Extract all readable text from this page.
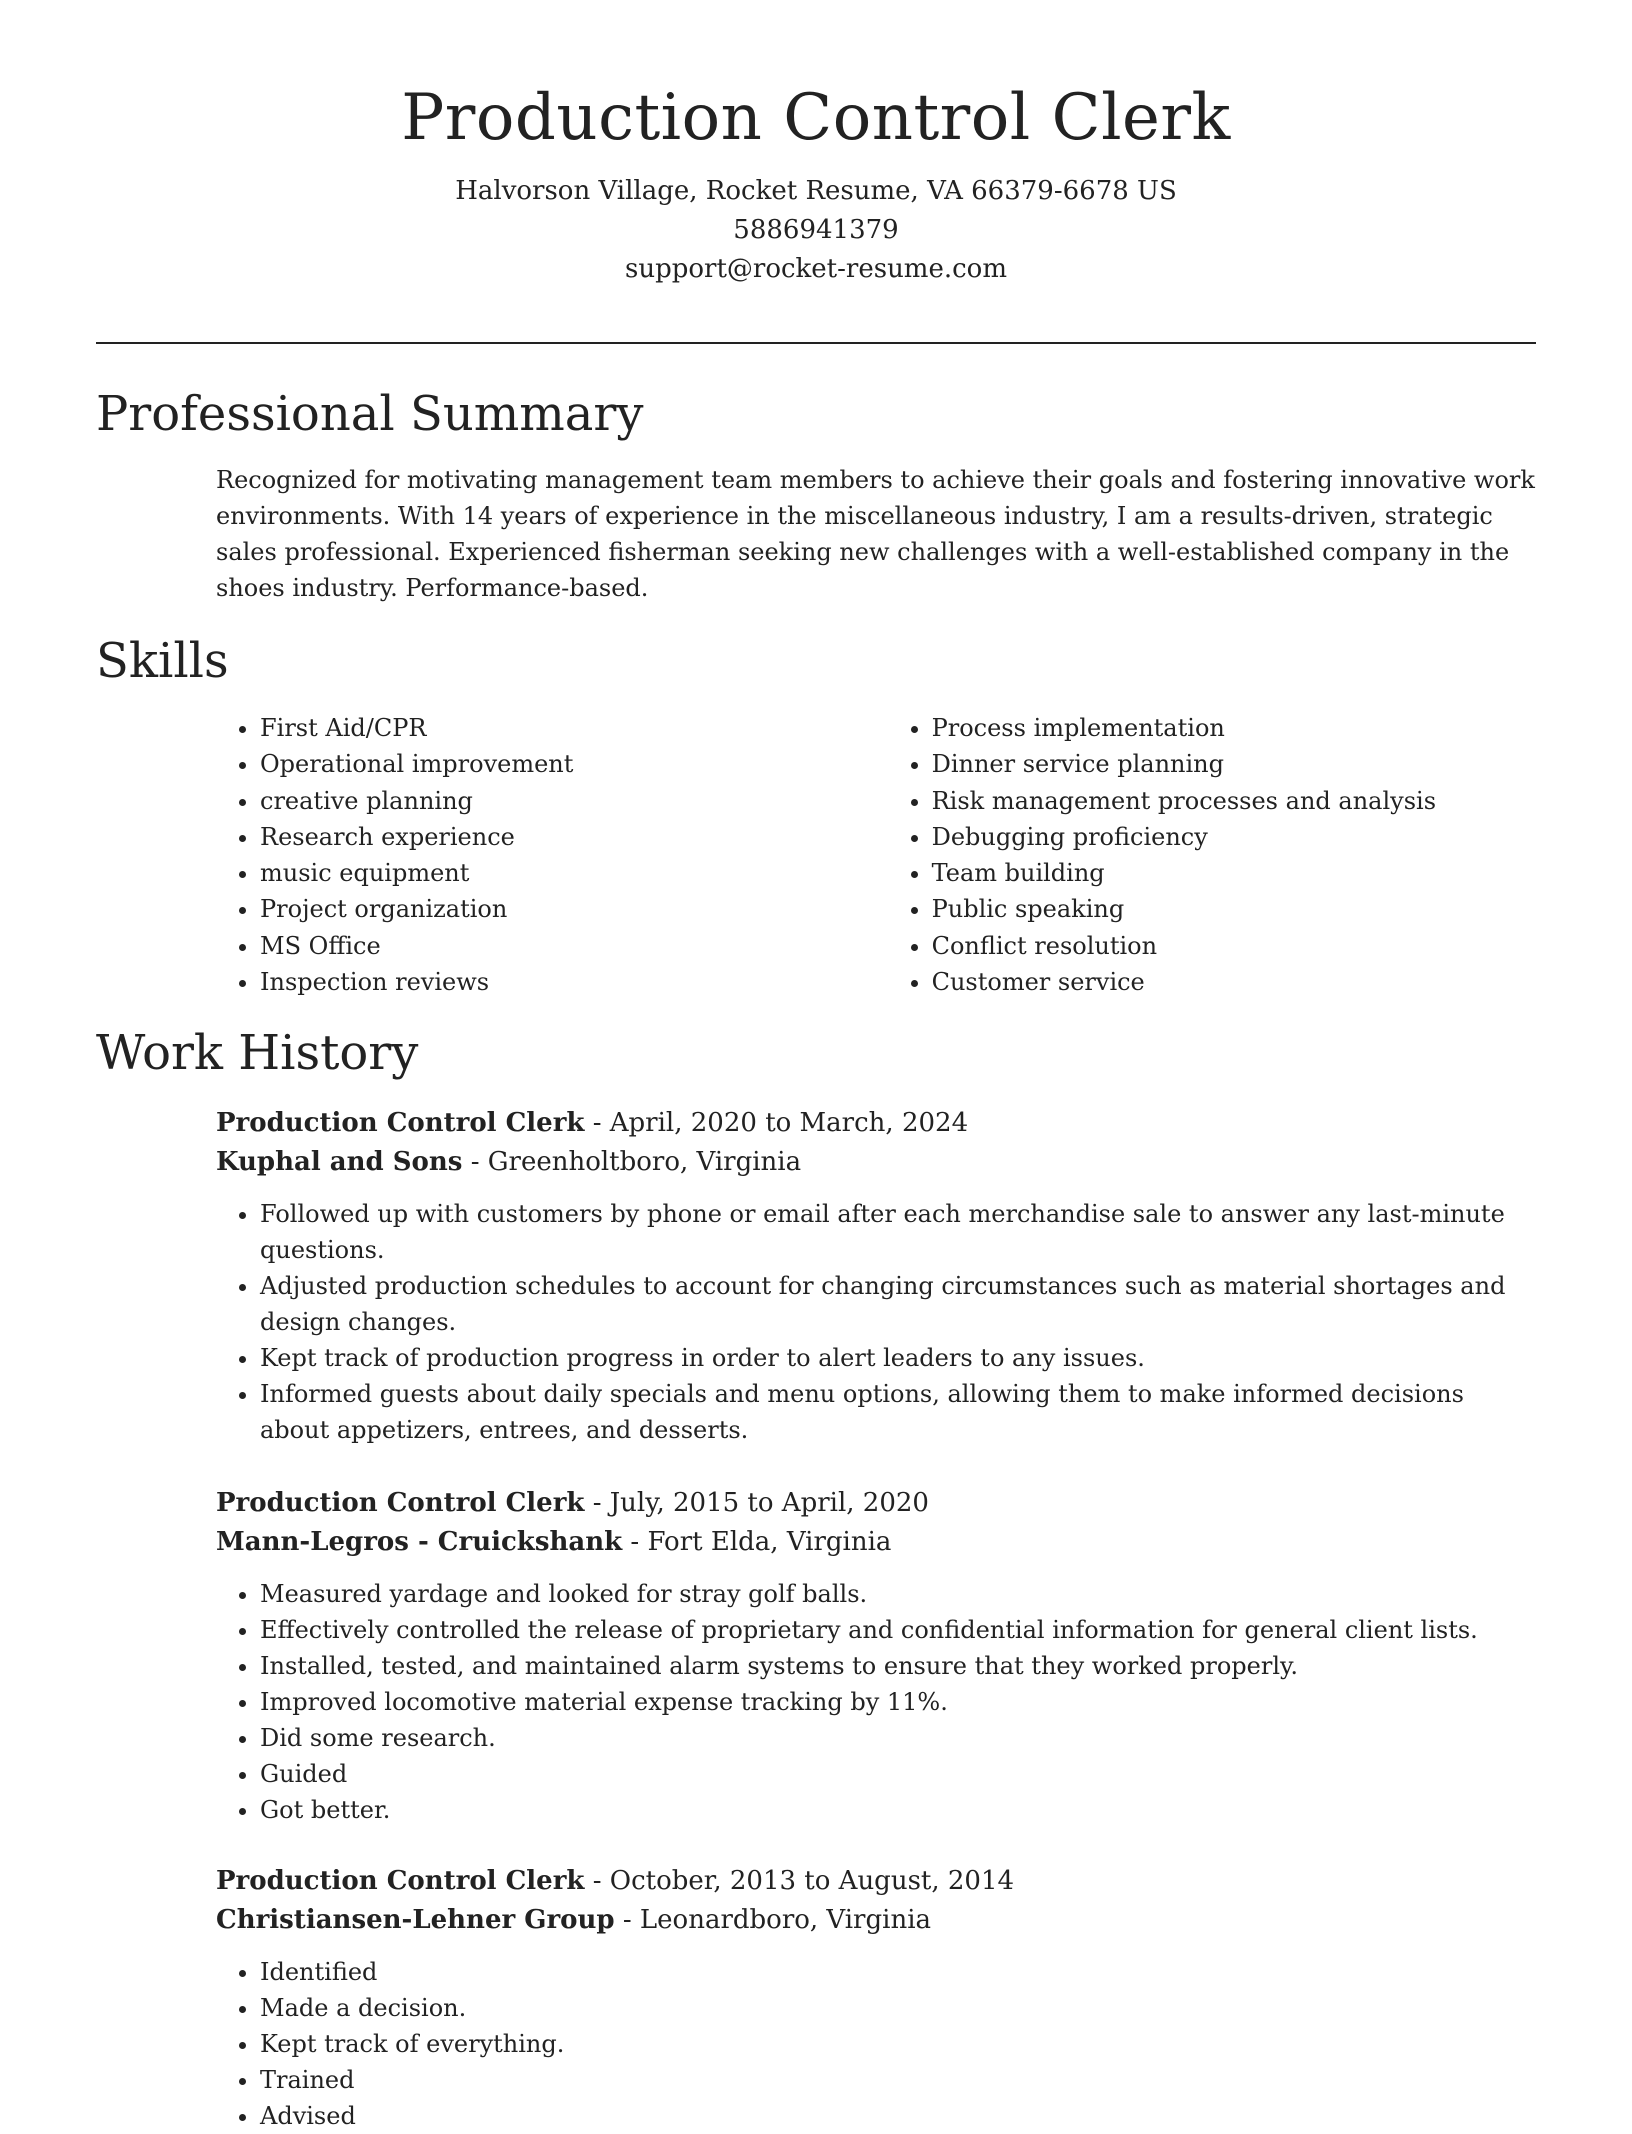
Production Control Clerk
Halvorson Village, Rocket Resume, VA 66379-6678 US
5886941379
support@rocket-resume.com
Professional Summary

Recognized for motivating management team members to achieve their goals and fostering innovative work environments. With 14 years of experience in the miscellaneous industry, I am a results-driven, strategic sales professional. Experienced fisherman seeking new challenges with a well-established company in the shoes industry. Performance-based.

Skills
• First Aid/CPR
• Operational improvement
• creative planning
• Research experience
• music equipment
• Project organization
• MS Office
• Inspection reviews
• Process implementation
• Dinner service planning
• Risk management processes and analysis
• Debugging proficiency
• Team building
• Public speaking
• Conflict resolution
• Customer service
Work History
Production Control Clerk - April, 2020 to March, 2024
Kuphal and Sons - Greenholtboro, Virginia
• Followed up with customers by phone or email after each merchandise sale to answer any last-minute questions.
• Adjusted production schedules to account for changing circumstances such as material shortages and design changes.
• Kept track of production progress in order to alert leaders to any issues.
• Informed guests about daily specials and menu options, allowing them to make informed decisions about appetizers, entrees, and desserts.
Production Control Clerk - July, 2015 to April, 2020
Mann-Legros - Cruickshank - Fort Elda, Virginia
• Measured yardage and looked for stray golf balls.
• Effectively controlled the release of proprietary and confidential information for general client lists.
• Installed, tested, and maintained alarm systems to ensure that they worked properly.
• Improved locomotive material expense tracking by 11%.
• Did some research.
• Guided
• Got better.
Production Control Clerk - October, 2013 to August, 2014
Christiansen-Lehner Group - Leonardboro, Virginia
• Identified
• Made a decision.
• Kept track of everything.
• Trained
• Advised
